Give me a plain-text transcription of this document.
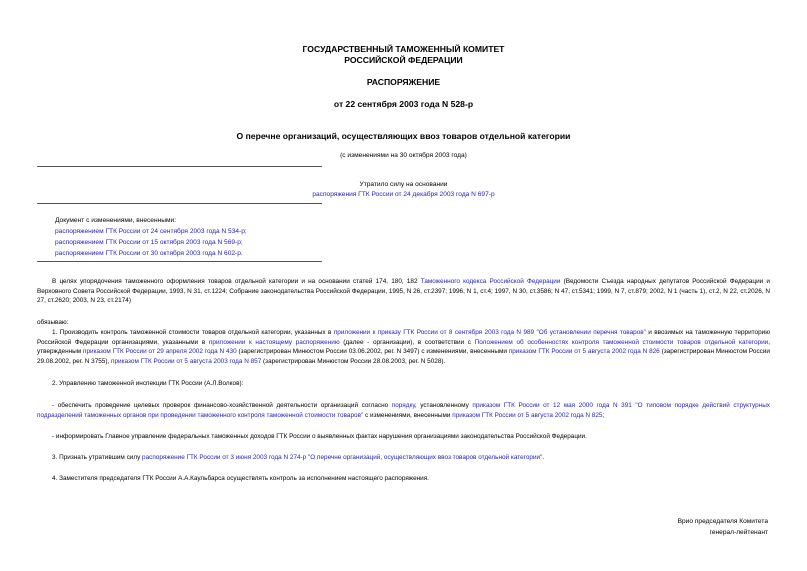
ГОСУДАРСТВЕННЫЙ ТАМОЖЕННЫЙ КОМИТЕТ
РОССИЙСКОЙ ФЕДЕРАЦИИ
РАСПОРЯЖЕНИЕ
от 22 сентября 2003 года N 528-р
О перечне организаций, осуществляющих ввоз товаров отдельной категории
(с изменениями на 30 октября 2003 года)
Утратило силу на основании
распоряжения ГТК России от 24 декабря 2003 года N 697-р
Документ с изменениями, внесенными:
распоряжением ГТК России от 24 сентября 2003 года N 534-р;
распоряжением ГТК России от 15 октября 2003 года N 569-р;
распоряжением ГТК России от 30 октября 2003 года N 602-р.
В целях упорядочения таможенного оформления товаров отдельной категории и на основании статей 174, 180, 182 Таможенного кодекса Российской Федерации (Ведомости Съезда народных депутатов Российской Федерации и Верховного Совета Российской Федерации, 1993, N 31, ст.1224; Собрание законодательства Российской Федерации, 1995, N 26, ст.2397; 1996, N 1, ст.4; 1997, N 30, ст.3586; N 47, ст.5341; 1999, N 7, ст.879; 2002, N 1 (часть 1), ст.2, N 22, ст.2026, N 27, ст.2620; 2003, N 23, ст.2174)
обязываю:
1. Производить контроль таможенной стоимости товаров отдельной категории, указанных в приложении к приказу ГТК России от 8 сентября 2003 года N 989 "Об установлении перечня товаров" и ввозимых на таможенную территорию Российской Федерации организациями, указанными в приложении к настоящему распоряжению (далее - организации), в соответствии с Положением об особенностях контроля таможенной стоимости товаров отдельной категории, утвержденным приказом ГТК России от 29 апреля 2002 года N 430 (зарегистрирован Минюстом России 03.06.2002, рег. N 3497) с изменениями, внесенными приказом ГТК России от 5 августа 2002 года N 826 (зарегистрирован Минюстом России 29.08.2002, рег. N 3755), приказом ГТК России от 5 августа 2003 года N 857 (зарегистрирован Минюстом России 28.08.2003, рег. N 5028).
2. Управлению таможенной инспекции ГТК России (А.Л.Волков):
- обеспечить проведение целевых проверок финансово-хозяйственной деятельности организаций согласно порядку, установленному приказом ГТК России от 12 мая 2000 года N 391 "О типовом порядке действий структурных подразделений таможенных органов при проведении таможенного контроля таможенной стоимости товаров" с изменениями, внесенными приказом ГТК России от 5 августа 2002 года N 825;
- информировать Главное управление федеральных таможенных доходов ГТК России о выявленных фактах нарушения организациями законодательства Российской Федерации.
3. Признать утратившим силу распоряжение ГТК России от 3 июня 2003 года N 274-р "О перечне организаций, осуществляющих ввоз товаров отдельной категории".
4. Заместителя председателя ГТК России А.А.Каульбарса осуществлять контроль за исполнением настоящего распоряжения.
Врио председателя Комитета
генерал-лейтенант
